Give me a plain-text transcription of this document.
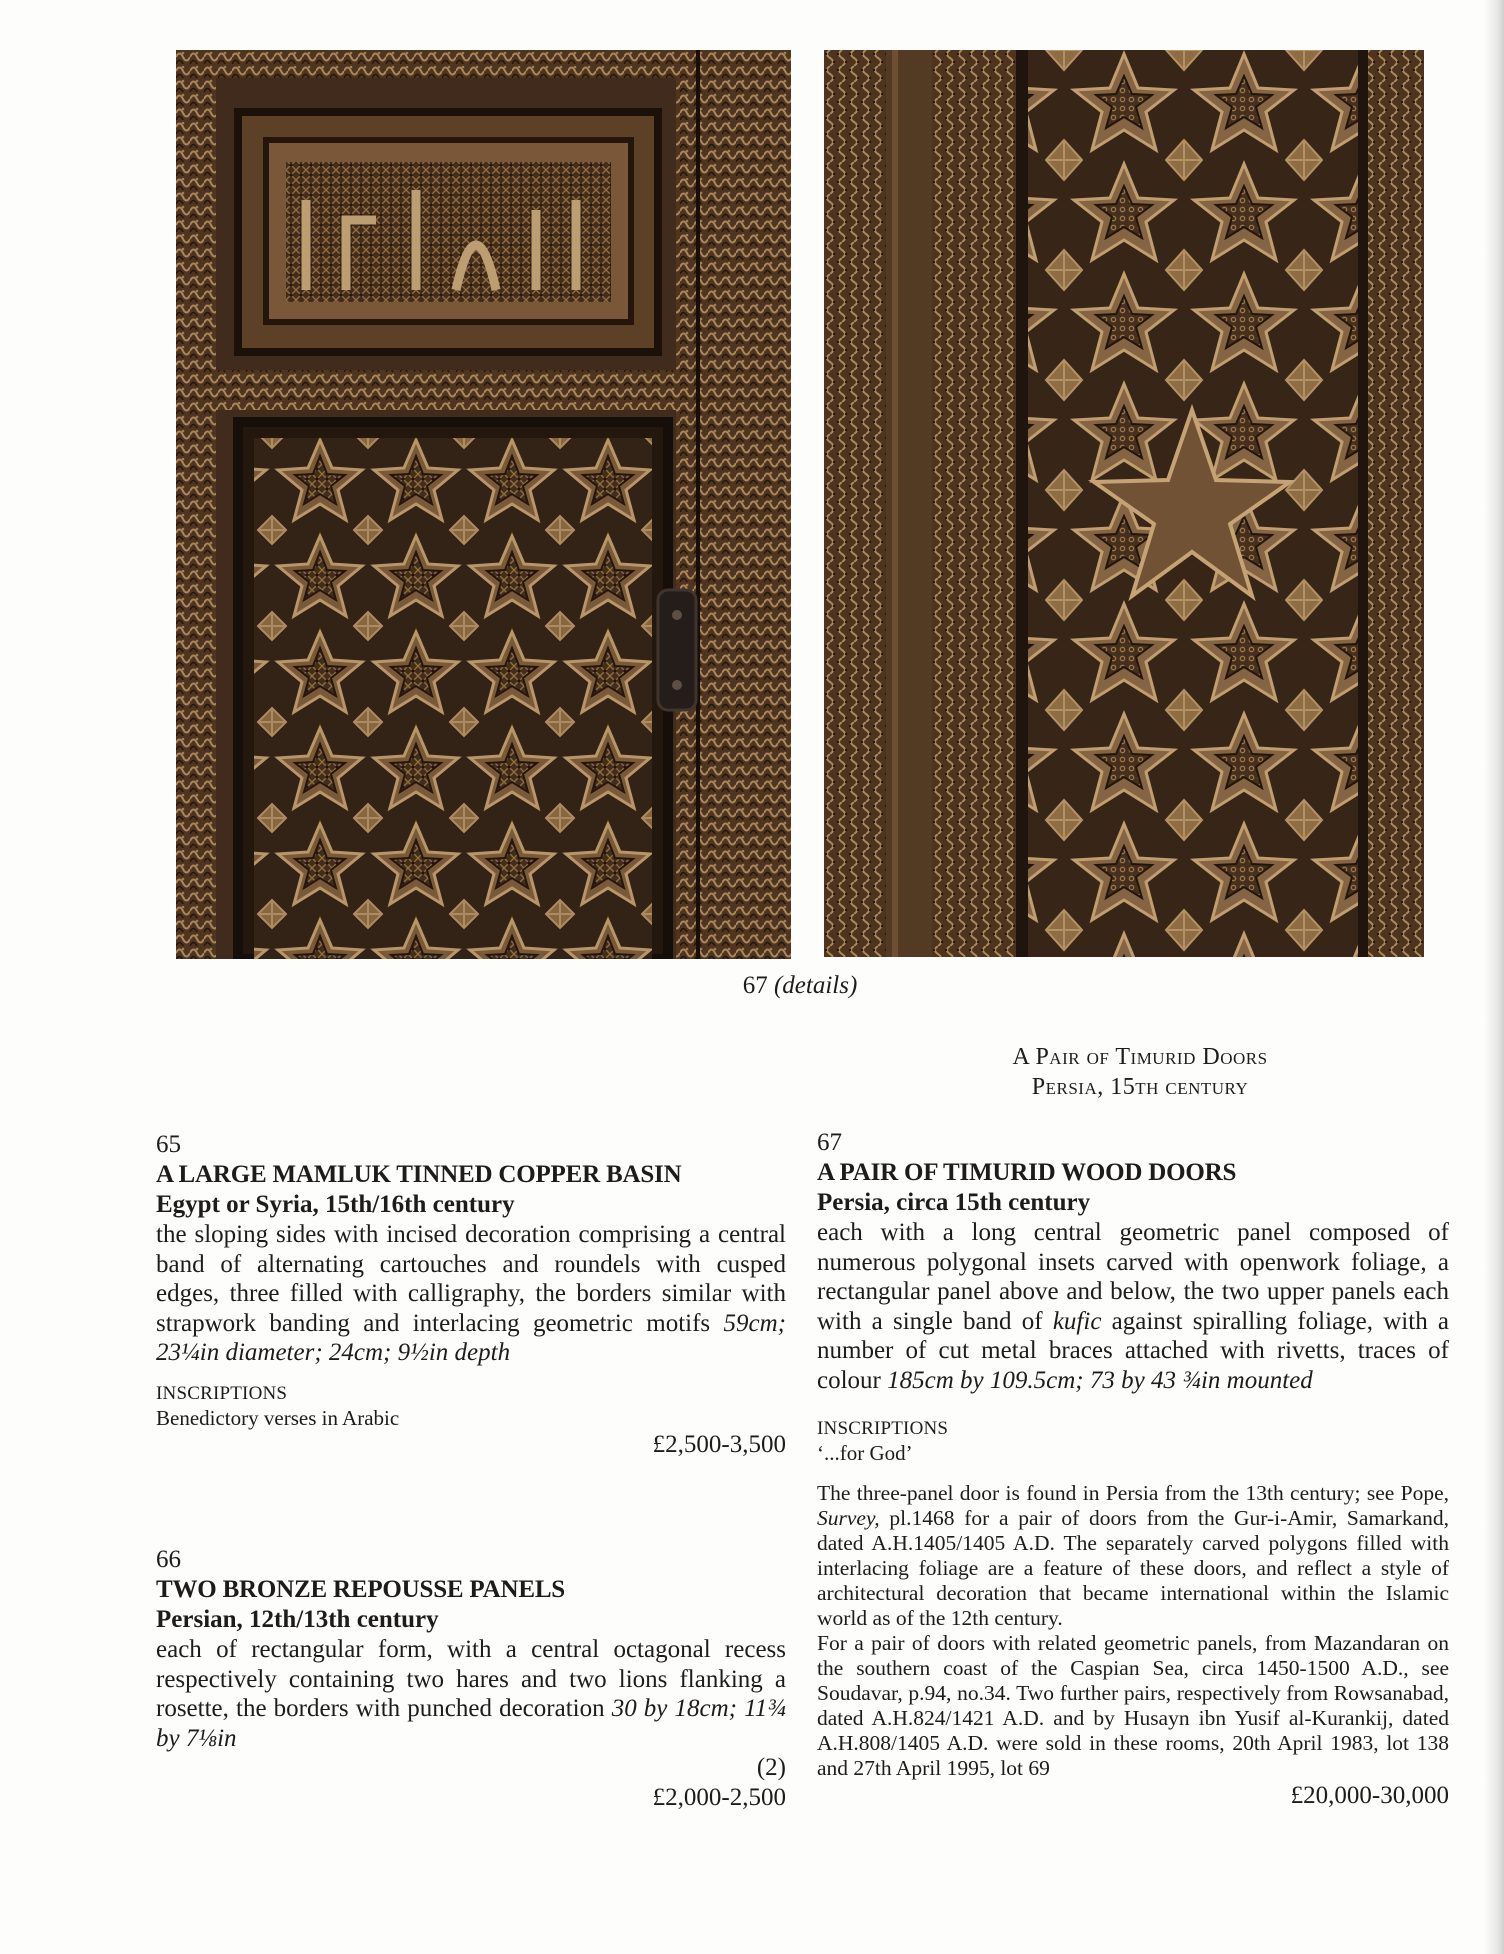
67 (details)
A Pair of Timurid Doors
Persia, 15th century
65
A LARGE MAMLUK TINNED COPPER BASIN
Egypt or Syria, 15th/16th century

the sloping sides with incised decoration comprising a central band of alternating cartouches and roundels with cusped edges, three filled with calligraphy, the borders similar with strapwork banding and interlacing geometric motifs 59cm; 23¼in diameter; 24cm; 9½in depth

INSCRIPTIONS
Benedictory verses in Arabic
£2,500-3,500
66
TWO BRONZE REPOUSSE PANELS
Persian, 12th/13th century

each of rectangular form, with a central octagonal recess respectively containing two hares and two lions flanking a rosette, the borders with punched decoration 30 by 18cm; 11¾ by 7⅛in

(2)
£2,000-2,500
67
A PAIR OF TIMURID WOOD DOORS
Persia, circa 15th century

each with a long central geometric panel composed of numerous polygonal insets carved with openwork foliage, a rectangular panel above and below, the two upper panels each with a single band of kufic against spiralling foliage, with a number of cut metal braces attached with rivetts, traces of colour 185cm by 109.5cm; 73 by 43 ¾in mounted

INSCRIPTIONS
‘...for God’

The three-panel door is found in Persia from the 13th century; see Pope, Survey, pl.1468 for a pair of doors from the Gur-i-Amir, Samarkand, dated A.H.1405/1405 A.D. The separately carved polygons filled with interlacing foliage are a feature of these doors, and reflect a style of architectural decoration that became international within the Islamic world as of the 12th century.

For a pair of doors with related geometric panels, from Mazandaran on the southern coast of the Caspian Sea, circa 1450-1500 A.D., see Soudavar, p.94, no.34. Two further pairs, respectively from Rowsanabad, dated A.H.824/1421 A.D. and by Husayn ibn Yusif al-Kurankij, dated A.H.808/1405 A.D. were sold in these rooms, 20th April 1983, lot 138 and 27th April 1995, lot 69

£20,000-30,000
